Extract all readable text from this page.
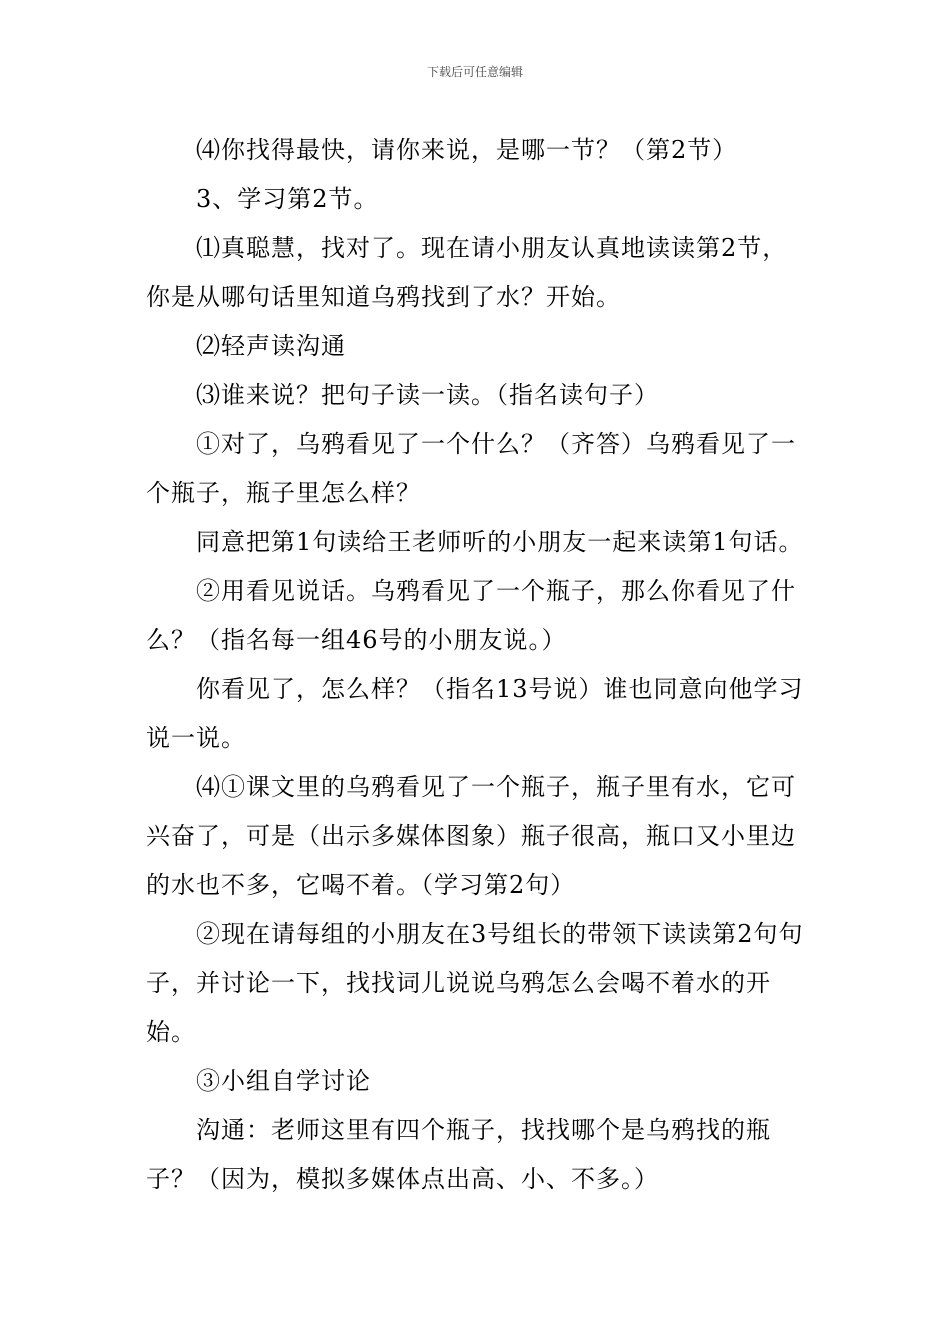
下载后可任意编辑

⑷你找得最快，请你来说，是哪一节？（第2节）

3、学习第2节。

⑴真聪慧，找对了。现在请小朋友认真地读读第2节，你是从哪句话里知道乌鸦找到了水？开始。

⑵轻声读沟通

⑶谁来说？把句子读一读。（指名读句子）

①对了，乌鸦看见了一个什么？（齐答）乌鸦看见了一个瓶子，瓶子里怎么样？

同意把第1句读给王老师听的小朋友一起来读第1句话。

②用看见说话。乌鸦看见了一个瓶子，那么你看见了什么？（指名每一组46号的小朋友说。）

你看见了，怎么样？（指名13号说）谁也同意向他学习说一说。

⑷①课文里的乌鸦看见了一个瓶子，瓶子里有水，它可兴奋了，可是（出示多媒体图象）瓶子很高，瓶口又小里边的水也不多，它喝不着。（学习第2句）

②现在请每组的小朋友在3号组长的带领下读读第2句句子，并讨论一下，找找词儿说说乌鸦怎么会喝不着水的开始。

③小组自学讨论

沟通：老师这里有四个瓶子，找找哪个是乌鸦找的瓶子？（因为，模拟多媒体点出高、小、不多。）
